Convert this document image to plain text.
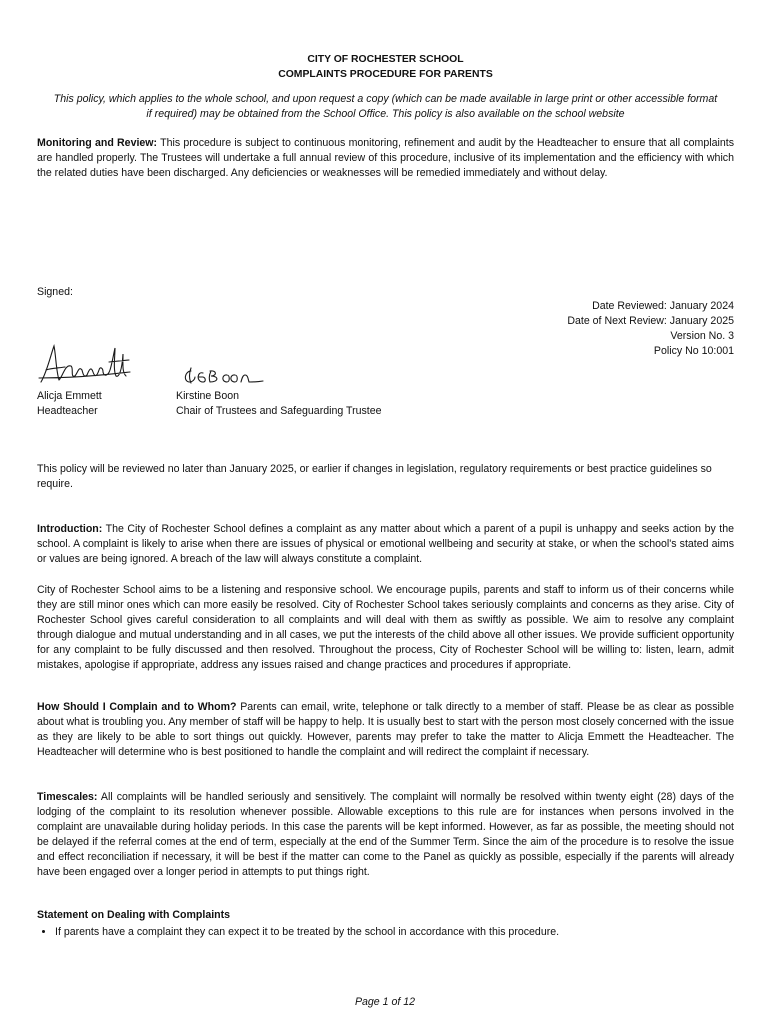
CITY OF ROCHESTER SCHOOL
COMPLAINTS PROCEDURE FOR PARENTS

This policy, which applies to the whole school, and upon request a copy (which can be made available in large print or other accessible format if required) may be obtained from the School Office. This policy is also available on the school website

Monitoring and Review: This procedure is subject to continuous monitoring, refinement and audit by the Headteacher to ensure that all complaints are handled properly. The Trustees will undertake a full annual review of this procedure, inclusive of its implementation and the efficiency with which the related duties have been discharged. Any deficiencies or weaknesses will be remedied immediately and without delay.

Signed:
Date Reviewed: January 2024
Date of Next Review: January 2025
Version No. 3
Policy No 10:001
Alicja Emmett
Headteacher
Kirstine Boon
Chair of Trustees and Safeguarding Trustee

This policy will be reviewed no later than January 2025, or earlier if changes in legislation, regulatory requirements or best practice guidelines so require.

Introduction: The City of Rochester School defines a complaint as any matter about which a parent of a pupil is unhappy and seeks action by the school. A complaint is likely to arise when there are issues of physical or emotional wellbeing and security at stake, or when the school's stated aims or values are being ignored. A breach of the law will always constitute a complaint.

City of Rochester School aims to be a listening and responsive school. We encourage pupils, parents and staff to inform us of their concerns while they are still minor ones which can more easily be resolved. City of Rochester School takes seriously complaints and concerns as they arise. City of Rochester School gives careful consideration to all complaints and will deal with them as swiftly as possible. We aim to resolve any complaint through dialogue and mutual understanding and in all cases, we put the interests of the child above all other issues. We provide sufficient opportunity for any complaint to be fully discussed and then resolved. Throughout the process, City of Rochester School will be willing to: listen, learn, admit mistakes, apologise if appropriate, address any issues raised and change practices and procedures if appropriate.

How Should I Complain and to Whom? Parents can email, write, telephone or talk directly to a member of staff. Please be as clear as possible about what is troubling you. Any member of staff will be happy to help. It is usually best to start with the person most closely concerned with the issue as they are likely to be able to sort things out quickly. However, parents may prefer to take the matter to Alicja Emmett the Headteacher. The Headteacher will determine who is best positioned to handle the complaint and will redirect the complaint if necessary.

Timescales: All complaints will be handled seriously and sensitively. The complaint will normally be resolved within twenty eight (28) days of the lodging of the complaint to its resolution whenever possible. Allowable exceptions to this rule are for instances when persons involved in the complaint are unavailable during holiday periods. In this case the parents will be kept informed. However, as far as possible, the meeting should not be delayed if the referral comes at the end of term, especially at the end of the Summer Term. Since the aim of the procedure is to resolve the issue and effect reconciliation if necessary, it will be best if the matter can come to the Panel as quickly as possible, especially if the parents will already have been engaged over a longer period in attempts to put things right.

Statement on Dealing with Complaints
• If parents have a complaint they can expect it to be treated by the school in accordance with this procedure.
Page 1 of 12
